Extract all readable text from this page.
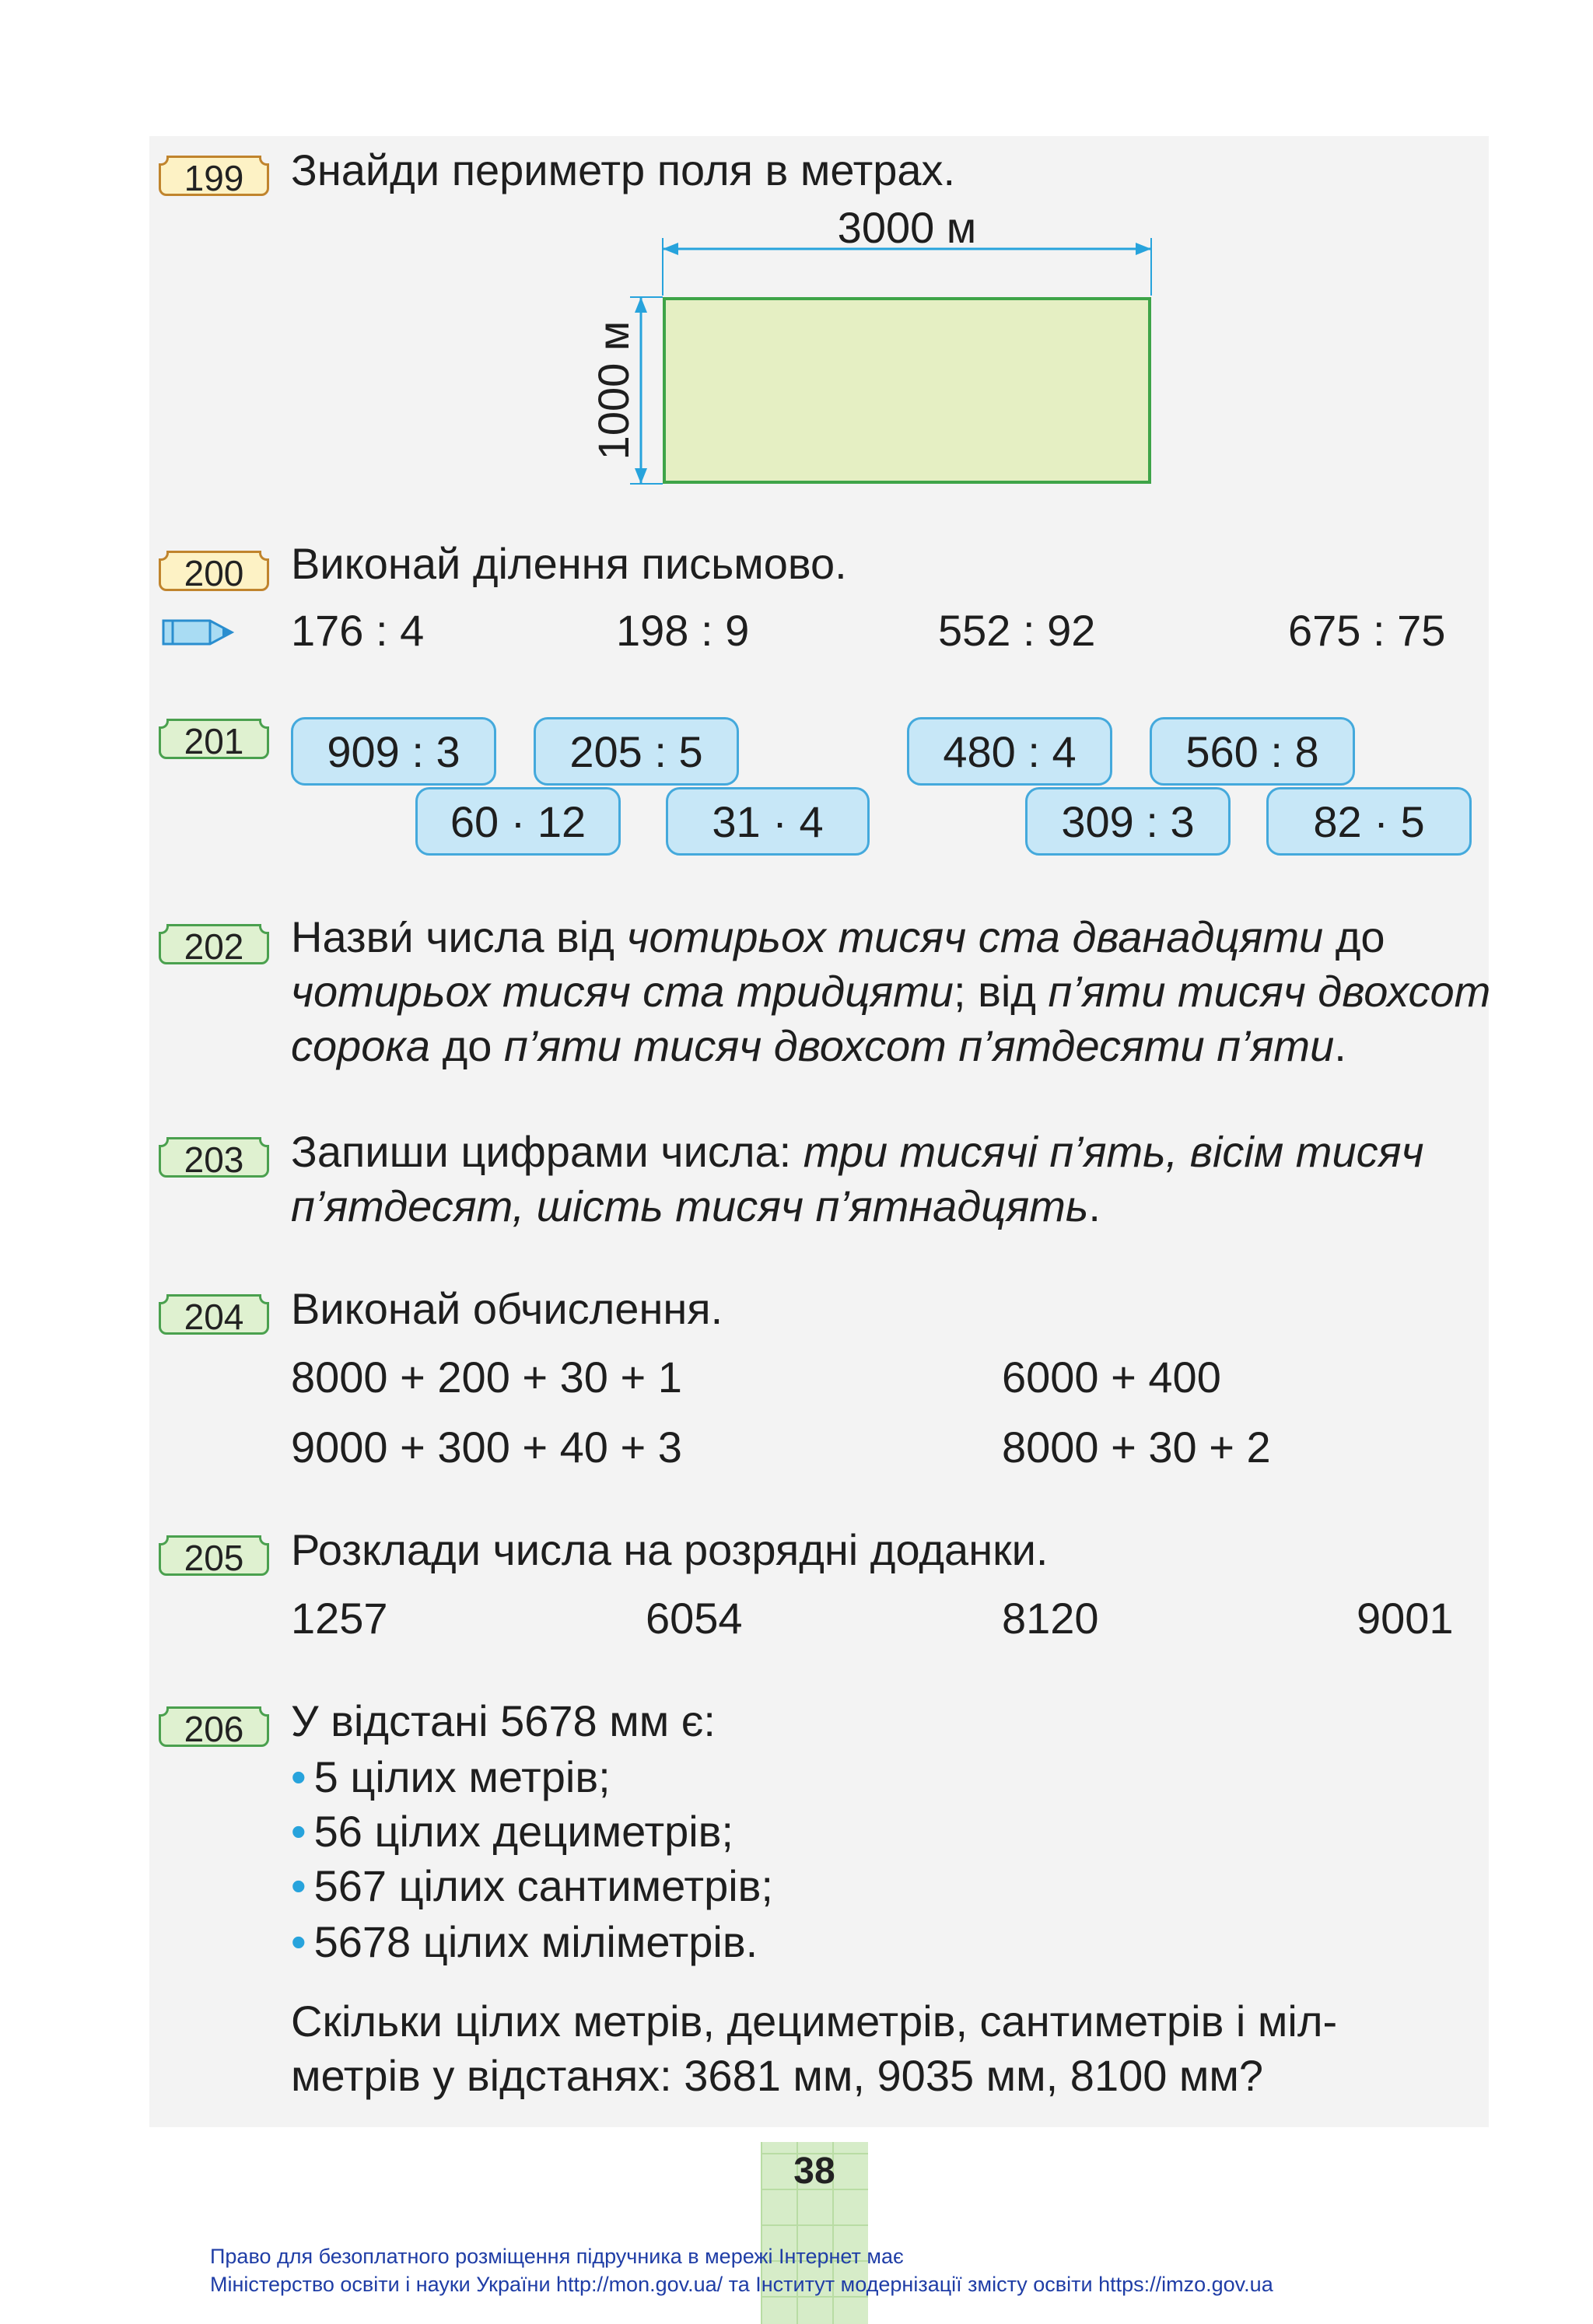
199	Знайди периметр поля в метрах.
3000 м
1000 м
200	Виконай ділення письмово.
176 : 4	198 : 9	552 : 92	675 : 75
201	909 : 3	205 : 5
60 · 12	31 · 4
480 : 4	560 : 8
309 : 3	82 · 5
202	Назви́ числа від чотирьох тисяч ста дванадцяти до
чотирьох тисяч ста тридцяти; від п’яти тисяч двохсот
сорока до п’яти тисяч двохсот п’ятдесяти п’яти.
203	Запиши цифрами числа: три тисячі п’ять, вісім тисяч
п’ятдесят, шість тисяч п’ятнадцять.
204	Виконай обчислення.
8000 + 200 + 30 + 1	6000 + 400
9000 + 300 + 40 + 3	8000 + 30 + 2
205	Розклади числа на розрядні доданки.
1257	6054	8120	9001
206	У відстані 5678 мм є:
• 5 цілих метрів;
• 56 цілих дециметрів;
• 567 цілих сантиметрів;
• 5678 цілих міліметрів.
Скільки цілих метрів, дециметрів, сантиметрів і міл-
метрів у відстанях: 3681 мм, 9035 мм, 8100 мм?
38
Право для безоплатного розміщення підручника в мережі Інтернет має
Міністерство освіти і науки України http://mon.gov.ua/ та Інститут модернізації змісту освіти https://imzo.gov.ua
